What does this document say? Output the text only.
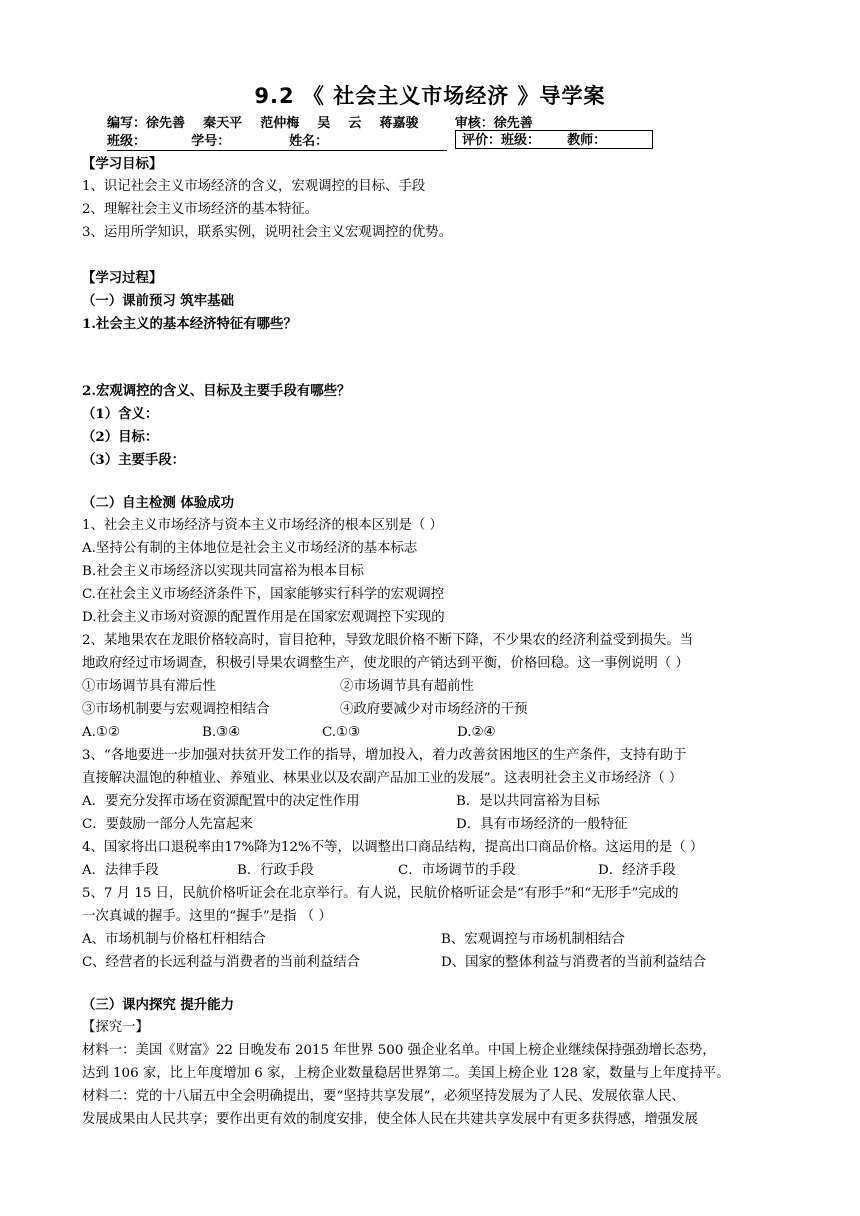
9.2 《 社会主义市场经济 》导学案
编写：徐先善    秦天平    范仲梅    吴    云    蒋嘉骏        审核：徐先善
班级：          学号：             姓名：	评价：班级：      教师：
【学习目标】
1、识记社会主义市场经济的含义，宏观调控的目标、手段
2、理解社会主义市场经济的基本特征。
3、运用所学知识，联系实例，说明社会主义宏观调控的优势。
【学习过程】
（一）课前预习 筑牢基础
1.社会主义的基本经济特征有哪些？
2.宏观调控的含义、目标及主要手段有哪些？
（1）含义：
（2）目标：
（3）主要手段：
（二）自主检测 体验成功
1、社会主义市场经济与资本主义市场经济的根本区别是（ ）
A.坚持公有制的主体地位是社会主义市场经济的基本标志
B.社会主义市场经济以实现共同富裕为根本目标
C.在社会主义市场经济条件下，国家能够实行科学的宏观调控
D.社会主义市场对资源的配置作用是在国家宏观调控下实现的
2、某地果农在龙眼价格较高时，盲目抢种，导致龙眼价格不断下降，不少果农的经济利益受到损失。当
地政府经过市场调查，积极引导果农调整生产，使龙眼的产销达到平衡，价格回稳。这一事例说明（ ）
①市场调节具有滞后性	②市场调节具有超前性
③市场机制要与宏观调控相结合	④政府要减少对市场经济的干预
A.①②	B.③④	C.①③	D.②④
3、“各地要进一步加强对扶贫开发工作的指导，增加投入，着力改善贫困地区的生产条件，支持有助于
直接解决温饱的种植业、养殖业、林果业以及农副产品加工业的发展”。这表明社会主义市场经济（ ）
A．要充分发挥市场在资源配置中的决定性作用	B．是以共同富裕为目标
C．要鼓励一部分人先富起来	D．具有市场经济的一般特征
4、国家将出口退税率由17%降为12%不等，以调整出口商品结构，提高出口商品价格。这运用的是（ ）
A．法律手段	B．行政手段	C．市场调节的手段	D．经济手段
5、7 月 15 日，民航价格听证会在北京举行。有人说，民航价格听证会是“有形手”和“无形手”完成的
一次真诚的握手。这里的“握手”是指 （ ）
A、市场机制与价格杠杆相结合	B、宏观调控与市场机制相结合
C、经营者的长远利益与消费者的当前利益结合	D、国家的整体利益与消费者的当前利益结合
（三）课内探究 提升能力
【探究一】
材料一：美国《财富》22 日晚发布 2015 年世界 500 强企业名单。中国上榜企业继续保持强劲增长态势，
达到 106 家，比上年度增加 6 家，上榜企业数量稳居世界第二。美国上榜企业 128 家，数量与上年度持平。
材料二：党的十八届五中全会明确提出，要“坚持共享发展”，必须坚持发展为了人民、发展依靠人民、
发展成果由人民共享；要作出更有效的制度安排，使全体人民在共建共享发展中有更多获得感，增强发展
